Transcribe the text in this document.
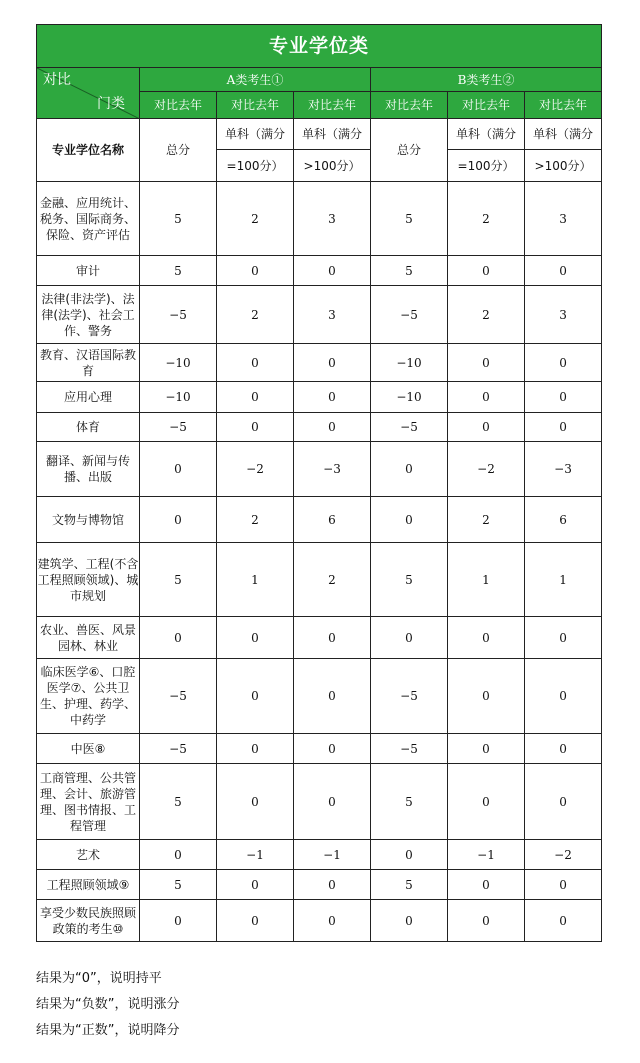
专业学位类						

对比
门类	A类考生①			B类考生②		
	对比去年	对比去年	对比去年	对比去年	对比去年	对比去年
专业学位名称	总分	单科（满分	单科（满分	总分	单科（满分	单科（满分
		=100分）	>100分）		=100分）	>100分）
金融、应用统计、税务、国际商务、保险、资产评估	5	2	3	5	2	3
审计	5	0	0	5	0	0
法律(非法学)、法律(法学)、社会工作、警务	−5	2	3	−5	2	3
教育、汉语国际教育	−10	0	0	−10	0	0
应用心理	−10	0	0	−10	0	0
体育	−5	0	0	−5	0	0
翻译、新闻与传播、出版	0	−2	−3	0	−2	−3
文物与博物馆	0	2	6	0	2	6
建筑学、工程(不含工程照顾领域)、城市规划	5	1	2	5	1	1
农业、兽医、风景园林、林业	0	0	0	0	0	0
临床医学⑥、口腔医学⑦、公共卫生、护理、药学、中药学	−5	0	0	−5	0	0
中医⑧	−5	0	0	−5	0	0
工商管理、公共管理、会计、旅游管理、图书情报、工程管理	5	0	0	5	0	0
艺术	0	−1	−1	0	−1	−2
工程照顾领域⑨	5	0	0	5	0	0
享受少数民族照顾政策的考生⑩	0	0	0	0	0	0
结果为“0”，说明持平
结果为“负数”，说明涨分
结果为“正数”，说明降分
